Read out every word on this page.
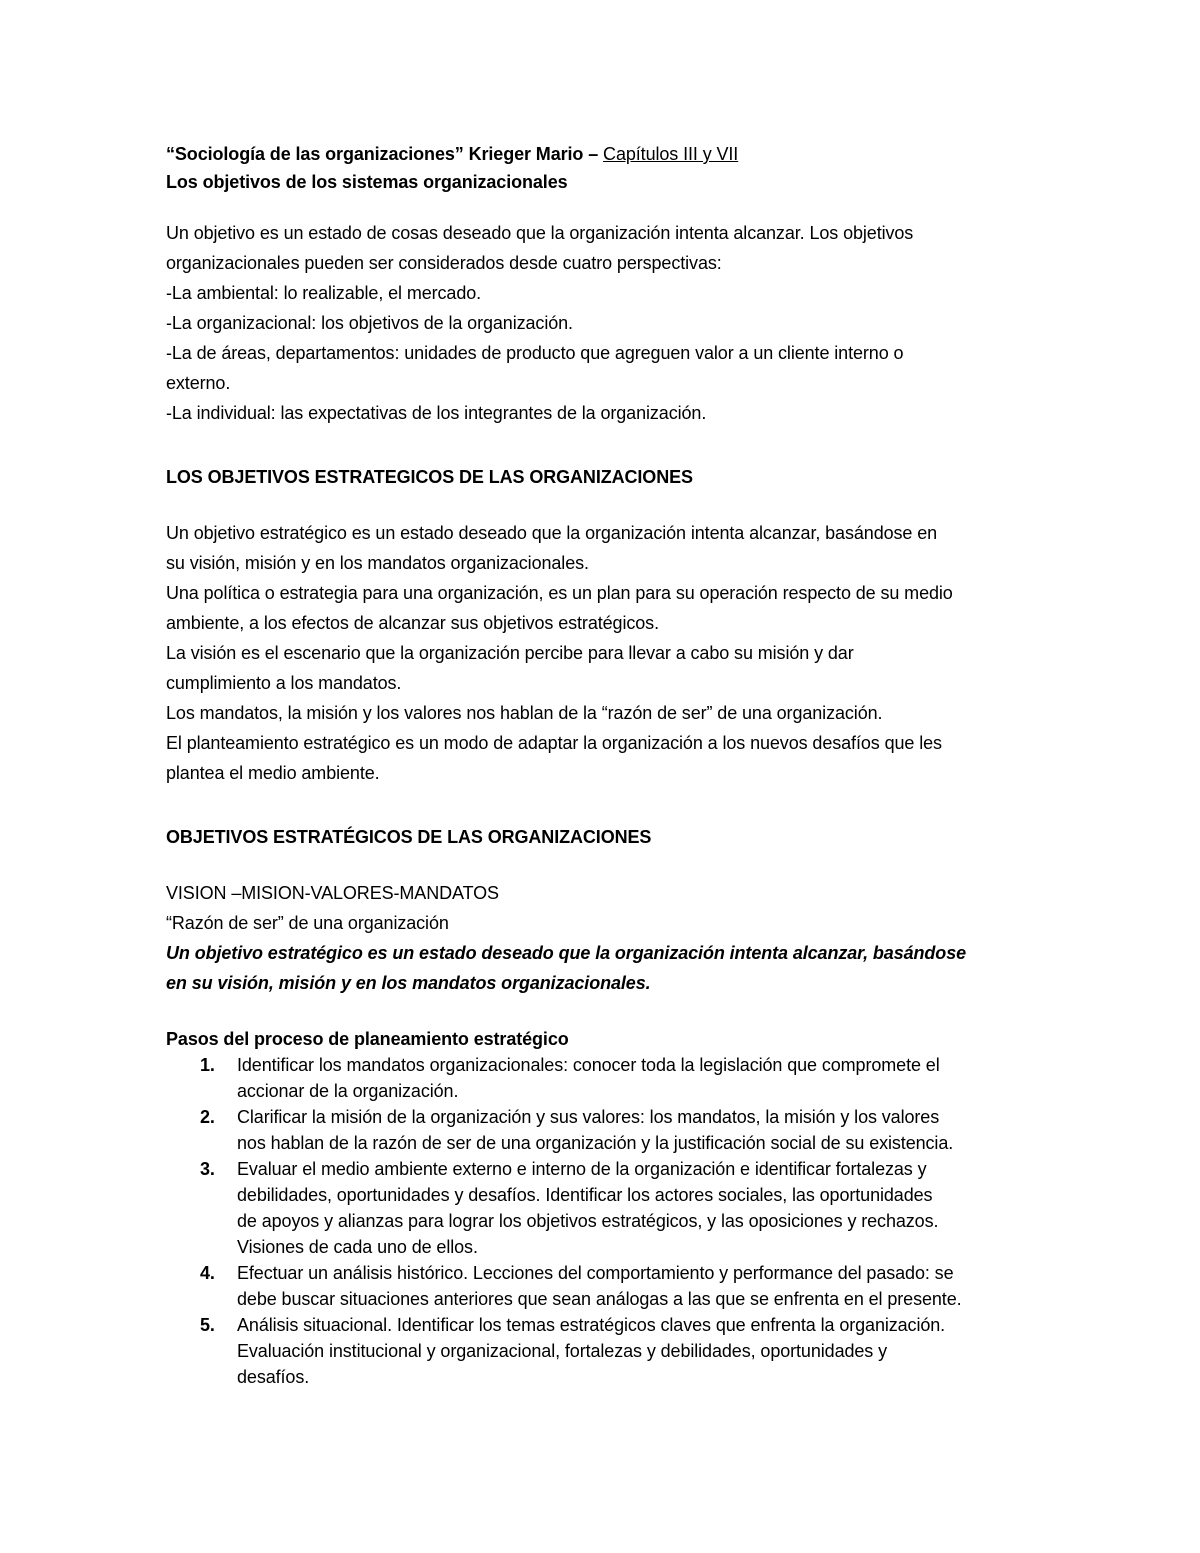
“Sociología de las organizaciones” Krieger Mario – Capítulos III y VII

Los objetivos de los sistemas organizacionales

Un objetivo es un estado de cosas deseado que la organización intenta alcanzar. Los objetivos

organizacionales pueden ser considerados desde cuatro perspectivas:

-La ambiental: lo realizable, el mercado.

-La organizacional: los objetivos de la organización.

-La de áreas, departamentos: unidades de producto que agreguen valor a un cliente interno o

externo.

-La individual: las expectativas de los integrantes de la organización.

LOS OBJETIVOS ESTRATEGICOS DE LAS ORGANIZACIONES

Un objetivo estratégico es un estado deseado que la organización intenta alcanzar, basándose en

su visión, misión y en los mandatos organizacionales.

Una política o estrategia para una organización, es un plan para su operación respecto de su medio

ambiente, a los efectos de alcanzar sus objetivos estratégicos.

La visión es el escenario que la organización percibe para llevar a cabo su misión y dar

cumplimiento a los mandatos.

Los mandatos, la misión y los valores nos hablan de la “razón de ser” de una organización.

El planteamiento estratégico es un modo de adaptar la organización a los nuevos desafíos que les

plantea el medio ambiente.

OBJETIVOS ESTRATÉGICOS DE LAS ORGANIZACIONES

VISION –MISION-VALORES-MANDATOS

“Razón de ser” de una organización

Un objetivo estratégico es un estado deseado que la organización intenta alcanzar, basándose

en su visión, misión y en los mandatos organizacionales.

Pasos del proceso de planeamiento estratégico

1. Identificar los mandatos organizacionales: conocer toda la legislación que compromete el
accionar de la organización.
2. Clarificar la misión de la organización y sus valores: los mandatos, la misión y los valores
nos hablan de la razón de ser de una organización y la justificación social de su existencia.
3. Evaluar el medio ambiente externo e interno de la organización e identificar fortalezas y
debilidades, oportunidades y desafíos. Identificar los actores sociales, las oportunidades
de apoyos y alianzas para lograr los objetivos estratégicos, y las oposiciones y rechazos.
Visiones de cada uno de ellos.
4. Efectuar un análisis histórico. Lecciones del comportamiento y performance del pasado: se
debe buscar situaciones anteriores que sean análogas a las que se enfrenta en el presente.
5. Análisis situacional. Identificar los temas estratégicos claves que enfrenta la organización.
Evaluación institucional y organizacional, fortalezas y debilidades, oportunidades y
desafíos.
